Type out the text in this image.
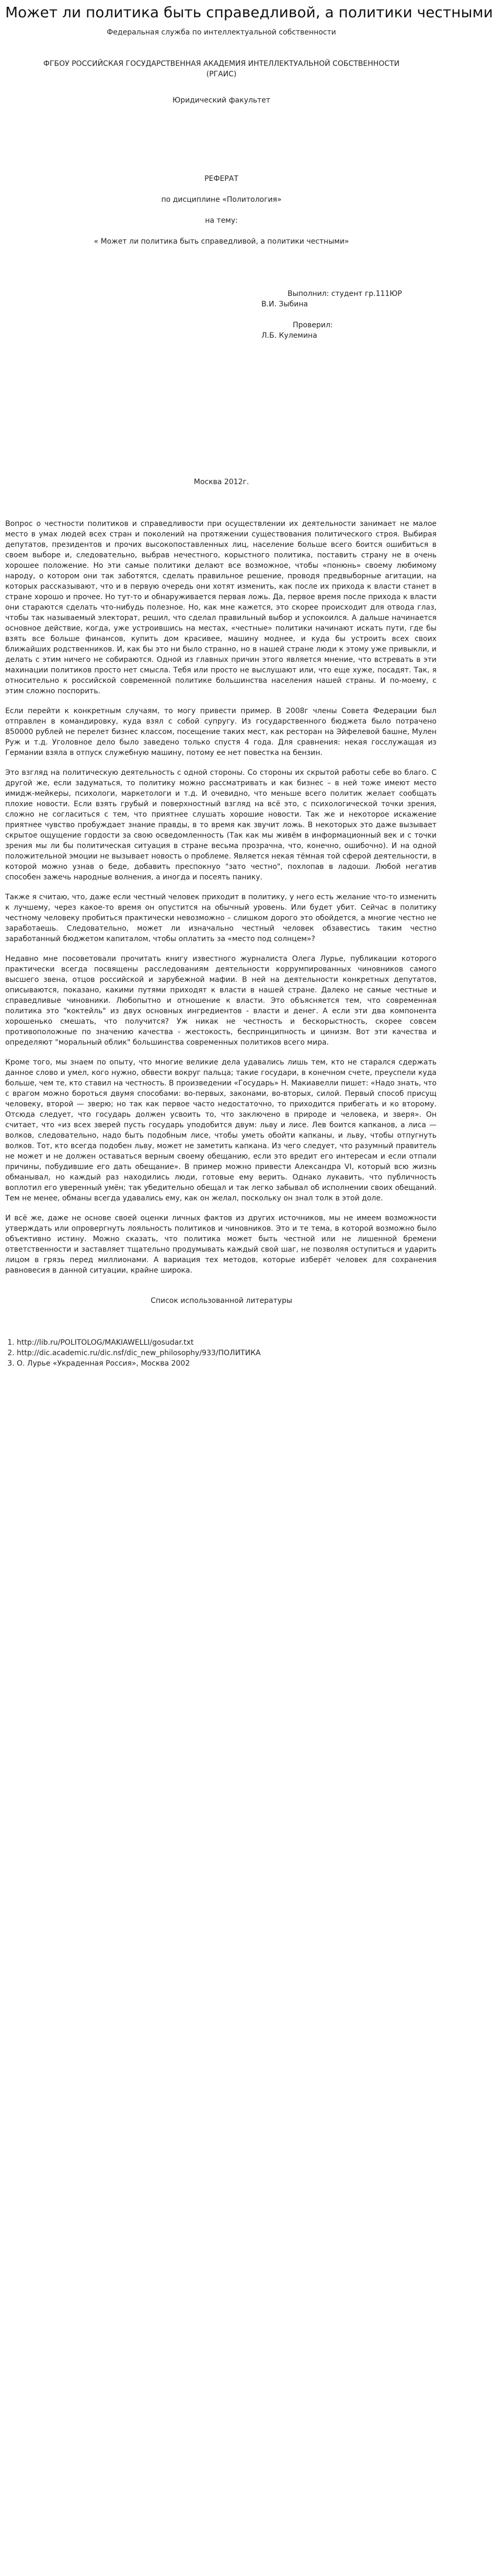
Может ли политика быть справедливой, а политики честными

Федеральная служба по интеллектуальной собственности

ФГБОУ РОССИЙСКАЯ ГОСУДАРСТВЕННАЯ АКАДЕМИЯ ИНТЕЛЛЕКТУАЛЬНОЙ СОБСТВЕННОСТИ

(РГАИС)

Юридический факультет

РЕФЕРАТ

по дисциплине «Политология»

на тему:

« Может ли политика быть справедливой, а политики честными»

Выполнил: студент гр.111ЮР

В.И. Зыбина

Проверил:

Л.Б. Кулемина

Москва 2012г.

Вопрос о честности политиков и справедливости при осуществлении их деятельности занимает не малое место в умах людей всех стран и поколений на протяжении существования политического строя. Выбирая депутатов, президентов и прочих высокопоставленных лиц, население больше всего боится ошибиться в своем выборе и, следовательно, выбрав нечестного, корыстного политика, поставить страну не в очень хорошее положение. Но эти самые политики делают все возможное, чтобы «понюнь» своему любимому народу, о котором они так заботятся, сделать правильное решение, проводя предвыборные агитации, на которых рассказывают, что и в первую очередь они хотят изменить, как после их прихода к власти станет в стране хорошо и прочее. Но тут-то и обнаруживается первая ложь. Да, первое время после прихода к власти они стараются сделать что-нибудь полезное. Но, как мне кажется, это скорее происходит для отвода глаз, чтобы так называемый электорат, решил, что сделал правильный выбор и успокоился. А дальше начинается основное действие, когда, уже устроившись на местах, «честные» политики начинают искать пути, где бы взять все больше финансов, купить дом красивее, машину моднее, и куда бы устроить всех своих ближайших родственников. И, как бы это ни было странно, но в нашей стране люди к этому уже привыкли, и делать с этим ничего не собираются. Одной из главных причин этого является мнение, что встревать в эти махинации политиков просто нет смысла. Тебя или просто не выслушают или, что еще хуже, посадят. Так, я относительно к российской современной политике большинства населения нашей страны. И по-моему, с этим сложно поспорить.

Если перейти к конкретным случаям, то могу привести пример. В 2008г члены Совета Федерации был отправлен в командировку, куда взял с собой супругу. Из государственного бюджета было потрачено 850000 рублей не перелет бизнес классом, посещение таких мест, как ресторан на Эйфелевой башне, Мулен Руж и т.д. Уголовное дело было заведено только спустя 4 года. Для сравнения: некая госслужащая из Германии взяла в отпуск служебную машину, потому ее нет повестка на бензин.

Это взгляд на политическую деятельность с одной стороны. Со стороны их скрытой работы себе во благо. С другой же, если задуматься, то политику можно рассматривать и как бизнес – в ней тоже имеют место имидж-мейкеры, психологи, маркетологи и т.д. И очевидно, что меньше всего политик желает сообщать плохие новости. Если взять грубый и поверхностный взгляд на всё это, с психологической точки зрения, сложно не согласиться с тем, что приятнее слушать хорошие новости. Так же и некоторое искажение приятнее чувство пробуждает знание правды, в то время как звучит ложь. В некоторых это даже вызывает скрытое ощущение гордости за свою осведомленность (Так как мы живём в информационный век и с точки зрения мы ли бы политическая ситуация в стране весьма прозрачна, что, конечно, ошибочно). И на одной положительной эмоции не вызывает новость о проблеме. Является некая тёмная той сферой деятельности, в которой можно узнав о беде, добавить преспокнуо "зато честно", похлопав в ладоши. Любой негатив способен зажечь народные волнения, а иногда и посеять панику.

Также я считаю, что, даже если честный человек приходит в политику, у него есть желание что-то изменить к лучшему, через какое-то время он опустится на обычный уровень. Или будет убит. Сейчас в политику честному человеку пробиться практически невозможно – слишком дорого это обойдется, а многие честно не заработаешь. Следовательно, может ли изначально честный человек обзавестись таким честно заработанный бюджетом капиталом, чтобы оплатить за «место под солнцем»?

Недавно мне посоветовали прочитать книгу известного журналиста Олега Лурье, публикации которого практически всегда посвящены расследованиям деятельности коррумпированных чиновников самого высшего звена, отцов российской и зарубежной мафии. В ней на деятельности конкретных депутатов, описываются, показано, какими путями приходят к власти в нашей стране. Далеко не самые честные и справедливые чиновники. Любопытно и отношение к власти. Это объясняется тем, что современная политика это "коктейль" из двух основных ингредиентов - власти и денег. А если эти два компонента хорошенько смешать, что получится? Уж никак не честность и бескорыстность, скорее совсем противоположные по значению качества - жестокость, беспринципность и цинизм. Вот эти качества и определяют "моральный облик" большинства современных политиков всего мира.

Кроме того, мы знаем по опыту, что многие великие дела удавались лишь тем, кто не старался сдержать данное слово и умел, кого нужно, обвести вокруг пальца; такие государи, в конечном счете, преуспели куда больше, чем те, кто ставил на честность. В произведении «Государь» Н. Макиавелли пишет: «Надо знать, что с врагом можно бороться двумя способами: во-первых, законами, во-вторых, силой. Первый способ присущ человеку, второй — зверю; но так как первое часто недостаточно, то приходится прибегать и ко второму. Отсюда следует, что государь должен усвоить то, что заключено в природе и человека, и зверя». Он считает, что «из всех зверей пусть государь уподобится двум: льву и лисе. Лев боится капканов, а лиса — волков, следовательно, надо быть подобным лисе, чтобы уметь обойти капканы, и льву, чтобы отпугнуть волков. Тот, кто всегда подобен льву, может не заметить капкана. Из чего следует, что разумный правитель не может и не должен оставаться верным своему обещанию, если это вредит его интересам и если отпали причины, побудившие его дать обещание». В пример можно привести Александра VI, который всю жизнь обманывал, но каждый раз находились люди, готовые ему верить. Однако лукавить, что публичность воплотил его уверенный умён; так убедительно обещал и так легко забывал об исполнении своих обещаний. Тем не менее, обманы всегда удавались ему, как он желал, поскольку он знал толк в этой доле.

И всё же, даже не основе своей оценки личных фактов из других источников, мы не имеем возможности утверждать или опровергнуть лояльность политиков и чиновников. Это и те тема, в которой возможно было объективно истину. Можно сказать, что политика может быть честной или не лишенной бремени ответственности и заставляет тщательно продумывать каждый свой шаг, не позволяя оступиться и ударить лицом в грязь перед миллионами. А вариация тех методов, которые изберёт человек для сохранения равновесия в данной ситуации, крайне широка.

Список использованной литературы

1. http://lib.ru/POLITOLOG/MAKIAWELLI/gosudar.txt
2. http://dic.academic.ru/dic.nsf/dic_new_philosophy/933/ПОЛИТИКА
3. О. Лурье «Украденная Россия», Москва 2002
